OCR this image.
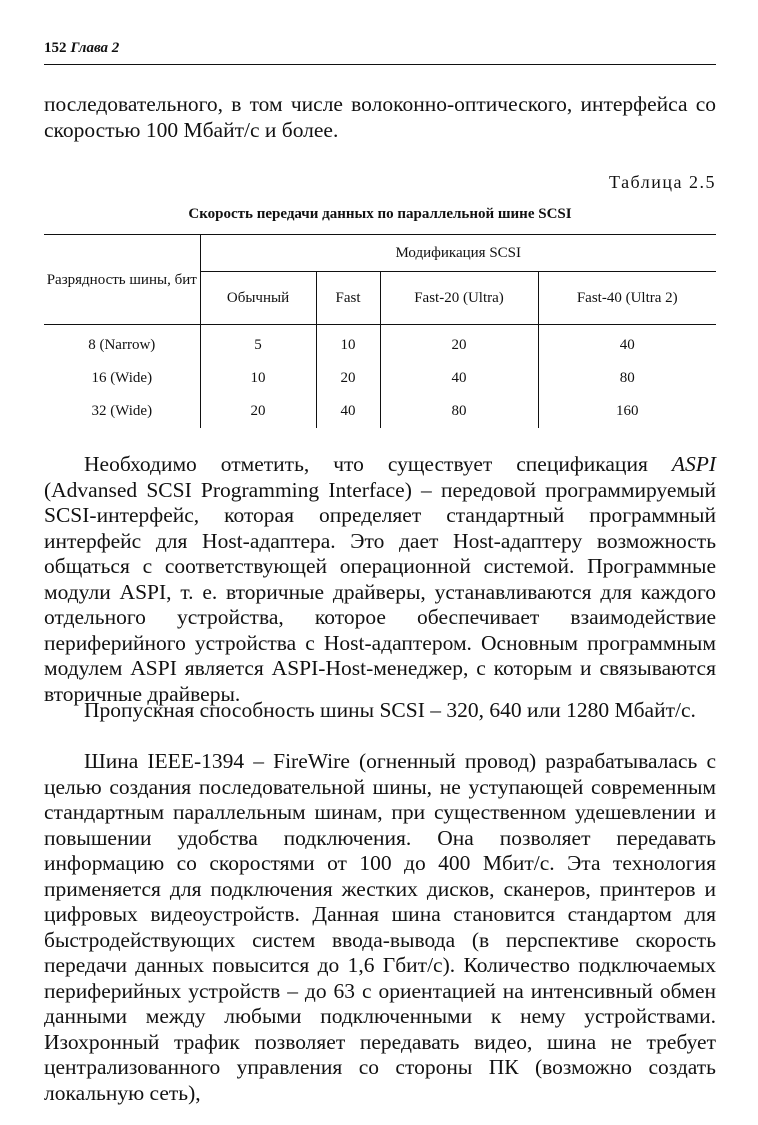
152 Глава 2

последовательного, в том числе волоконно-оптического, интерфейса со скоростью 100 Мбайт/с и более.

Таблица 2.5
Скорость передачи данных по параллельной шине SCSI
Разрядность шины, бит	Модификация SCSI			
	Обычный	Fast	Fast-20 (Ultra)	Fast-40 (Ultra 2)
8 (Narrow)	5	10	20	40
16 (Wide)	10	20	40	80
32 (Wide)	20	40	80	160

Необходимо отметить, что существует спецификация ASPI (Advansed SCSI Programming Interface) – передовой программируемый SCSI-интерфейс, которая определяет стандартный программный интерфейс для Host-адаптера. Это дает Host-адаптеру возможность общаться с соответствующей операционной системой. Программные модули ASPI, т. е. вторичные драйверы, устанавливаются для каждого отдельного устройства, которое обеспечивает взаимодействие периферийного устройства с Host-адаптером. Основным программным модулем ASPI является ASPI-Host-менеджер, с которым и связываются вторичные драйверы.

Пропускная способность шины SCSI – 320, 640 или 1280 Мбайт/с.

Шина IEEE-1394 – FireWire (огненный провод) разрабатывалась с целью создания последовательной шины, не уступающей современным стандартным параллельным шинам, при существенном удешевлении и повышении удобства подключения. Она позволяет передавать информацию со скоростями от 100 до 400 Мбит/с. Эта технология применяется для подключения жестких дисков, сканеров, принтеров и цифровых видеоустройств. Данная шина становится стандартом для быстродействующих систем ввода-вывода (в перспективе скорость передачи данных повысится до 1,6 Гбит/с). Количество подключаемых периферийных устройств – до 63 с ориентацией на интенсивный обмен данными между любыми подключенными к нему устройствами. Изохронный трафик позволяет передавать видео, шина не требует централизованного управления со стороны ПК (возможно создать локальную сеть),
